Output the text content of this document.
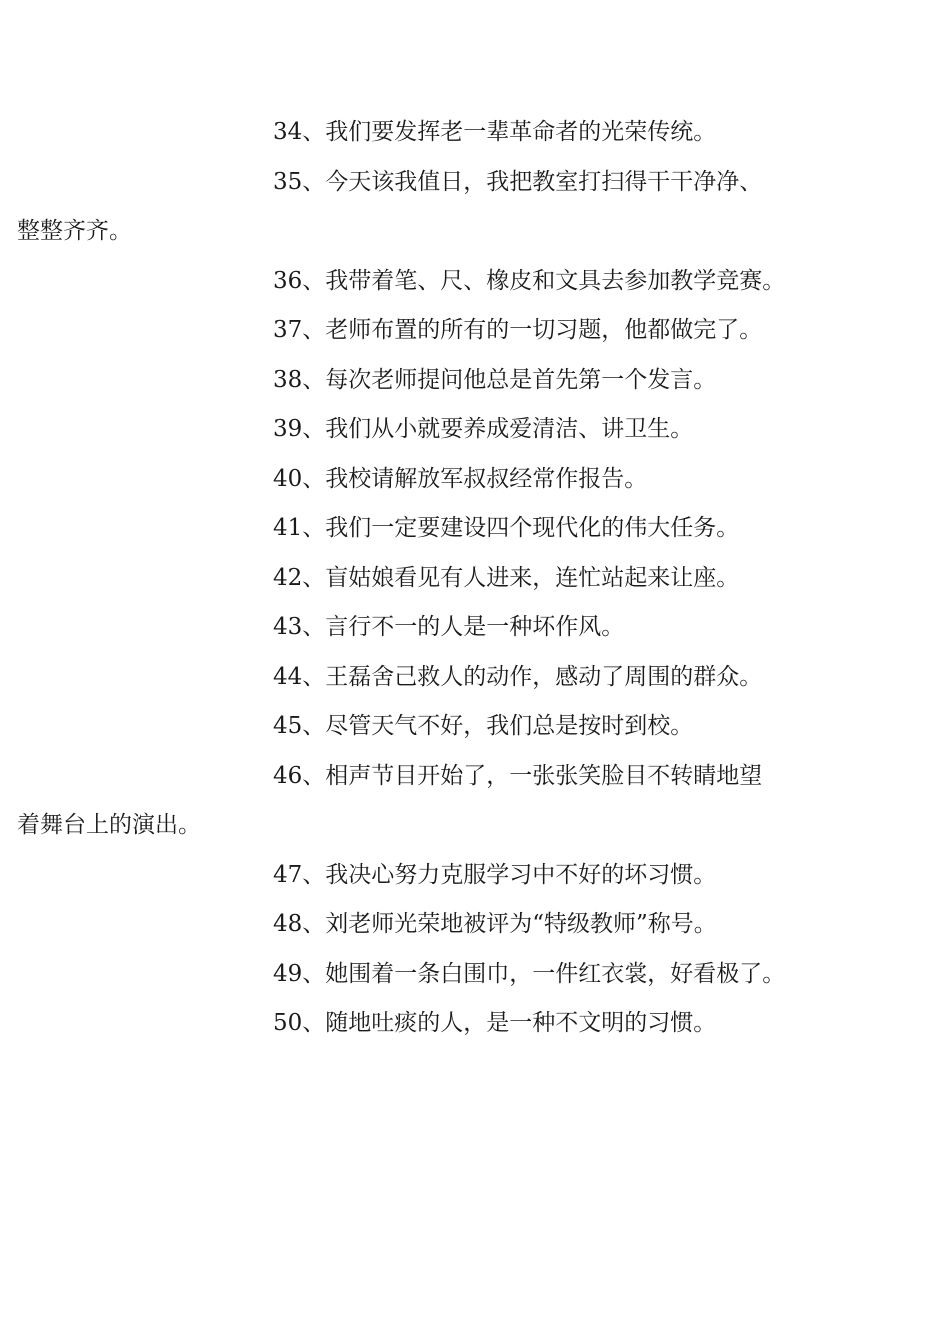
34、我们要发挥老一辈革命者的光荣传统。

35、今天该我值日，我把教室打扫得干干净净、
整整齐齐。

36、我带着笔、尺、橡皮和文具去参加教学竞赛。

37、老师布置的所有的一切习题，他都做完了。

38、每次老师提问他总是首先第一个发言。

39、我们从小就要养成爱清洁、讲卫生。

40、我校请解放军叔叔经常作报告。

41、我们一定要建设四个现代化的伟大任务。

42、盲姑娘看见有人进来，连忙站起来让座。

43、言行不一的人是一种坏作风。

44、王磊舍己救人的动作，感动了周围的群众。

45、尽管天气不好，我们总是按时到校。

46、相声节目开始了，一张张笑脸目不转睛地望
着舞台上的演出。

47、我决心努力克服学习中不好的坏习惯。

48、刘老师光荣地被评为“特级教师”称号。

49、她围着一条白围巾，一件红衣裳，好看极了。

50、随地吐痰的人，是一种不文明的习惯。
